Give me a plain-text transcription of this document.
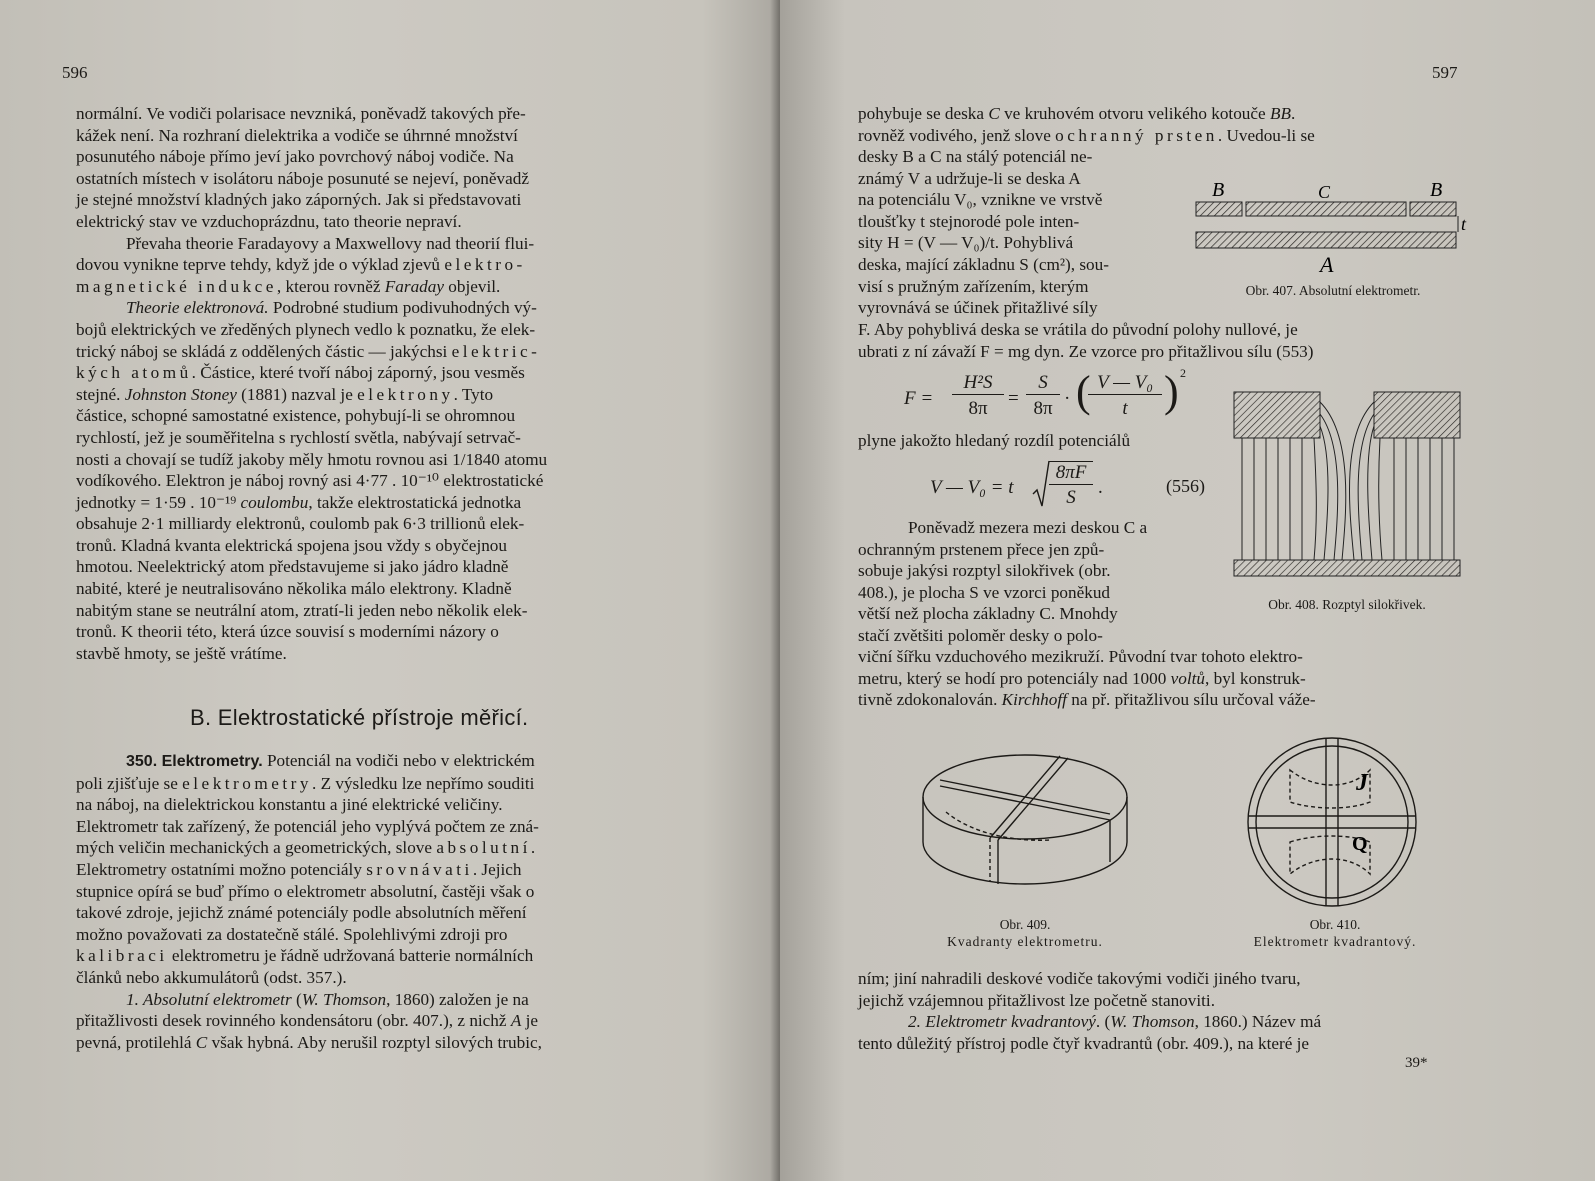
596

normální. Ve vodiči polarisace nevzniká, poněvadž takových pře-

kážek není. Na rozhraní dielektrika a vodiče se úhrnné množství

posunutého náboje přímo jeví jako povrchový náboj vodiče. Na

ostatních místech v isolátoru náboje posunuté se nejeví, poněvadž

je stejné množství kladných jako záporných. Jak si představovati

elektrický stav ve vzduchoprázdnu, tato theorie nepraví.

Převaha theorie Faradayovy a Maxwellovy nad theorií flui-

dovou vynikne teprve tehdy, když jde o výklad zjevů elektro-

magnetické indukce, kterou rovněž Faraday objevil.

Theorie elektronová. Podrobné studium podivuhodných vý-

bojů elektrických ve zředěných plynech vedlo k poznatku, že elek-

trický náboj se skládá z oddělených částic — jakýchsi elektric-

kých atomů. Částice, které tvoří náboj záporný, jsou vesměs

stejné. Johnston Stoney (1881) nazval je elektrony. Tyto

částice, schopné samostatné existence, pohybují-li se ohromnou

rychlostí, jež je souměřitelna s rychlostí světla, nabývají setrvač-

nosti a chovají se tudíž jakoby měly hmotu rovnou asi 1/1840 atomu

vodíkového. Elektron je náboj rovný asi 4·77 . 10⁻¹⁰ elektrostatické

jednotky = 1·59 . 10⁻¹⁹ coulombu, takže elektrostatická jednotka

obsahuje 2·1 milliardy elektronů, coulomb pak 6·3 trillionů elek-

tronů. Kladná kvanta elektrická spojena jsou vždy s obyčejnou

hmotou. Neelektrický atom představujeme si jako jádro kladně

nabité, které je neutralisováno několika málo elektrony. Kladně

nabitým stane se neutrální atom, ztratí-li jeden nebo několik elek-

tronů. K theorii této, která úzce souvisí s moderními názory o

stavbě hmoty, se ještě vrátíme.

B. Elektrostatické přístroje měřicí.

350. Elektrometry. Potenciál na vodiči nebo v elektrickém

poli zjišťuje se elektrometry. Z výsledku lze nepřímo souditi

na náboj, na dielektrickou konstantu a jiné elektrické veličiny.

Elektrometr tak zařízený, že potenciál jeho vyplývá počtem ze zná-

mých veličin mechanických a geometrických, slove absolutní.

Elektrometry ostatními možno potenciály srovnávati. Jejich

stupnice opírá se buď přímo o elektrometr absolutní, častěji však o

takové zdroje, jejichž známé potenciály podle absolutních měření

možno považovati za dostatečně stálé. Spolehlivými zdroji pro

kalibraci elektrometru je řádně udržovaná batterie normálních

článků nebo akkumulátorů (odst. 357.).

1. Absolutní elektrometr (W. Thomson, 1860) založen je na

přitažlivosti desek rovinného kondensátoru (obr. 407.), z nichž A je

pevná, protilehlá C však hybná. Aby nerušil rozptyl silových trubic,

597

pohybuje se deska C ve kruhovém otvoru velikého kotouče BB.

rovněž vodivého, jenž slove ochranný prsten. Uvedou-li se

desky B a C na stálý potenciál ne-

známý V a udržuje-li se deska A

na potenciálu V₀, vznikne ve vrstvě

tloušťky t stejnorodé pole inten-

sity H = (V — V₀)/t. Pohyblivá

deska, mající základnu S (cm²), sou-

visí s pružným zařízením, kterým

vyrovnává se účinek přitažlivé síly

B	C	B
t
A
Obr. 407. Absolutní elektrometr.

F. Aby pohyblivá deska se vrátila do původní polohy nullové, je

ubrati z ní závaží F = mg dyn. Ze vzorce pro přitažlivou sílu (553)

F =
H²S
8π	=
S
8π · ( V — V₀
t ) 2

plyne jakožto hledaný rozdíl potenciálů

V — V₀ = t
8πF
S	.	(556)

Poněvadž mezera mezi deskou C a

ochranným prstenem přece jen způ-

sobuje jakýsi rozptyl silokřivek (obr.

408.), je plocha S ve vzorci poněkud

větší než plocha základny C. Mnohdy

stačí zvětšiti poloměr desky o polo-

Obr. 408. Rozptyl silokřivek.

viční šířku vzduchového mezikruží. Původní tvar tohoto elektro-

metru, který se hodí pro potenciály nad 1000 voltů, byl konstruk-

tivně zdokonalován. Kirchhoff na př. přitažlivou sílu určoval váže-

Obr. 409.
Kvadranty elektrometru.
J
Q
Obr. 410.
Elektrometr kvadrantový.

ním; jiní nahradili deskové vodiče takovými vodiči jiného tvaru,

jejichž vzájemnou přitažlivost lze početně stanoviti.

2. Elektrometr kvadrantový. (W. Thomson, 1860.) Název má

tento důležitý přístroj podle čtyř kvadrantů (obr. 409.), na které je

39*
